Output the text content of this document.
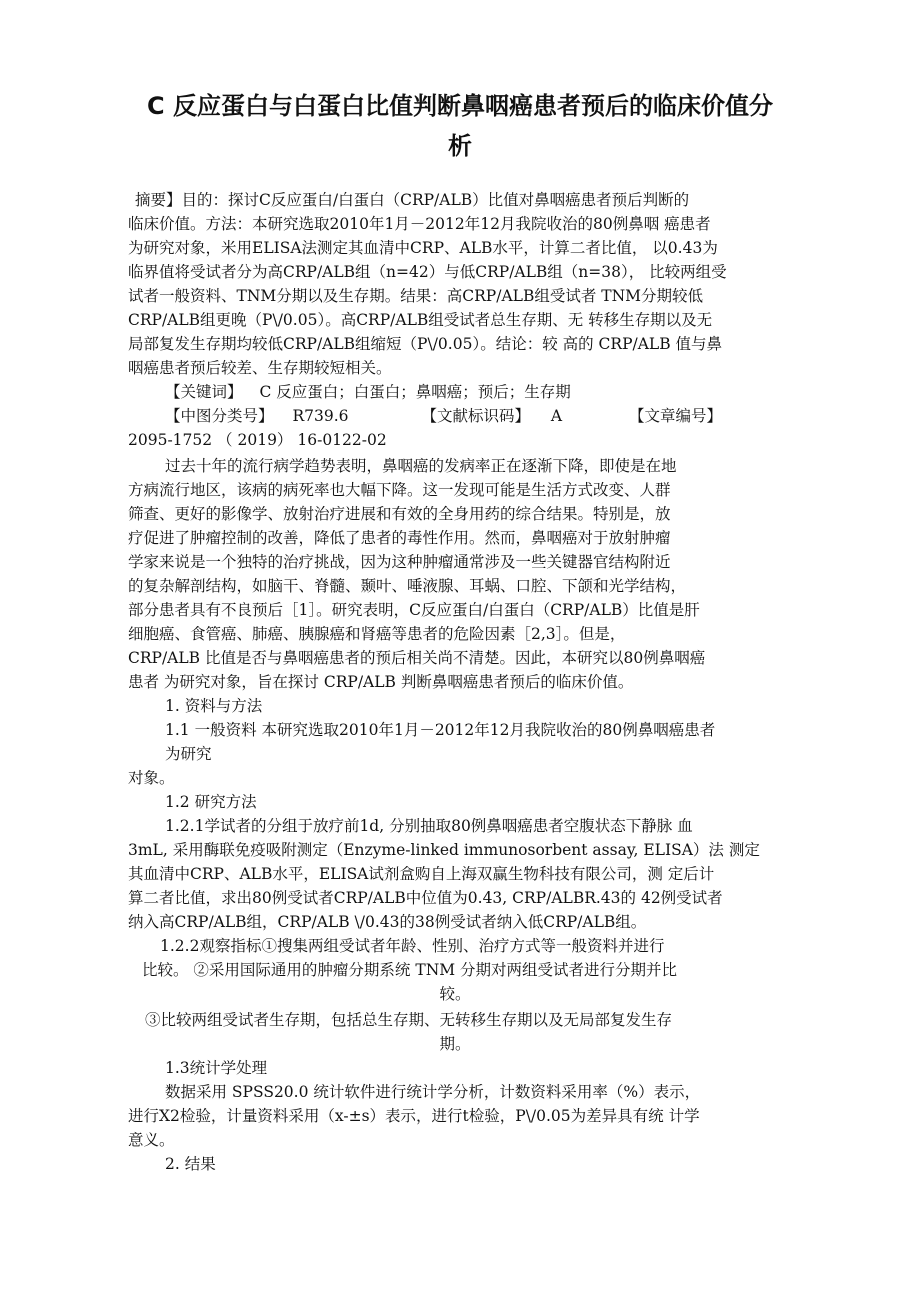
C 反应蛋白与白蛋白比值判断鼻咽癌患者预后的临床价值分
析
摘要】目的：探讨C反应蛋白/白蛋白（CRP/ALB）比值对鼻咽癌患者预后判断的
临床价值。方法：本研究选取2010年1月－2012年12月我院收治的80例鼻咽 癌患者
为研究对象，米用ELISA法测定其血清中CRP、ALB水平，计算二者比值， 以0.43为
临界值将受试者分为高CRP/ALB组（n=42）与低CRP/ALB组（n=38）， 比较两组受
试者一般资料、TNM分期以及生存期。结果：高CRP/ALB组受试者 TNM分期较低
CRP/ALB组更晚（P\/0.05）。高CRP/ALB组受试者总生存期、无 转移生存期以及无
局部复发生存期均较低CRP/ALB组缩短（P\/0.05）。结论：较 高的 CRP/ALB 值与鼻
咽癌患者预后较差、生存期较短相关。
【关键词】 C 反应蛋白；白蛋白；鼻咽癌；预后；生存期
【中图分类号】 R739.6	【文献标识码】 A	【文章编号】
2095-1752 （ 2019） 16-0122-02
过去十年的流行病学趋势表明，鼻咽癌的发病率正在逐渐下降，即使是在地
方病流行地区，该病的病死率也大幅下降。这一发现可能是生活方式改变、人群
筛查、更好的影像学、放射治疗进展和有效的全身用药的综合结果。特别是，放
疗促进了肿瘤控制的改善，降低了患者的毒性作用。然而，鼻咽癌对于放射肿瘤
学家来说是一个独特的治疗挑战，因为这种肿瘤通常涉及一些关键器官结构附近
的复杂解剖结构，如脑干、脊髓、颞叶、唾液腺、耳蜗、口腔、下颌和光学结构，
部分患者具有不良预后［1］。研究表明，C反应蛋白/白蛋白（CRP/ALB）比值是肝
细胞癌、食管癌、肺癌、胰腺癌和肾癌等患者的危险因素［2,3］。但是，
CRP/ALB 比值是否与鼻咽癌患者的预后相关尚不清楚。因此，本研究以80例鼻咽癌
患者 为研究对象，旨在探讨 CRP/ALB 判断鼻咽癌患者预后的临床价值。
1. 资料与方法
1.1 一般资料 本研究选取2010年1月－2012年12月我院收治的80例鼻咽癌患者
为研究
对象。
1.2 研究方法
1.2.1学试者的分组于放疗前1d, 分别抽取80例鼻咽癌患者空腹状态下静脉 血
3mL, 采用酶联免疫吸附测定（Enzyme-linked immunosorbent assay, ELISA）法 测定
其血清中CRP、ALB水平，ELISA试剂盒购自上海双赢生物科技有限公司，测 定后计
算二者比值，求出80例受试者CRP/ALB中位值为0.43, CRP/ALBR.43的 42例受试者
纳入高CRP/ALB组，CRP/ALB \/0.43的38例受试者纳入低CRP/ALB组。
1.2.2观察指标①搜集两组受试者年龄、性别、治疗方式等一般资料并进行
比较。 ②采用国际通用的肿瘤分期系统 TNM 分期对两组受试者进行分期并比
较。
③比较两组受试者生存期，包括总生存期、无转移生存期以及无局部复发生存
期。
1.3统计学处理
数据采用 SPSS20.0 统计软件进行统计学分析，计数资料采用率（%）表示，
进行X2检验，计量资料采用（x-±s）表示，进行t检验，P\/0.05为差异具有统 计学
意义。
2. 结果
